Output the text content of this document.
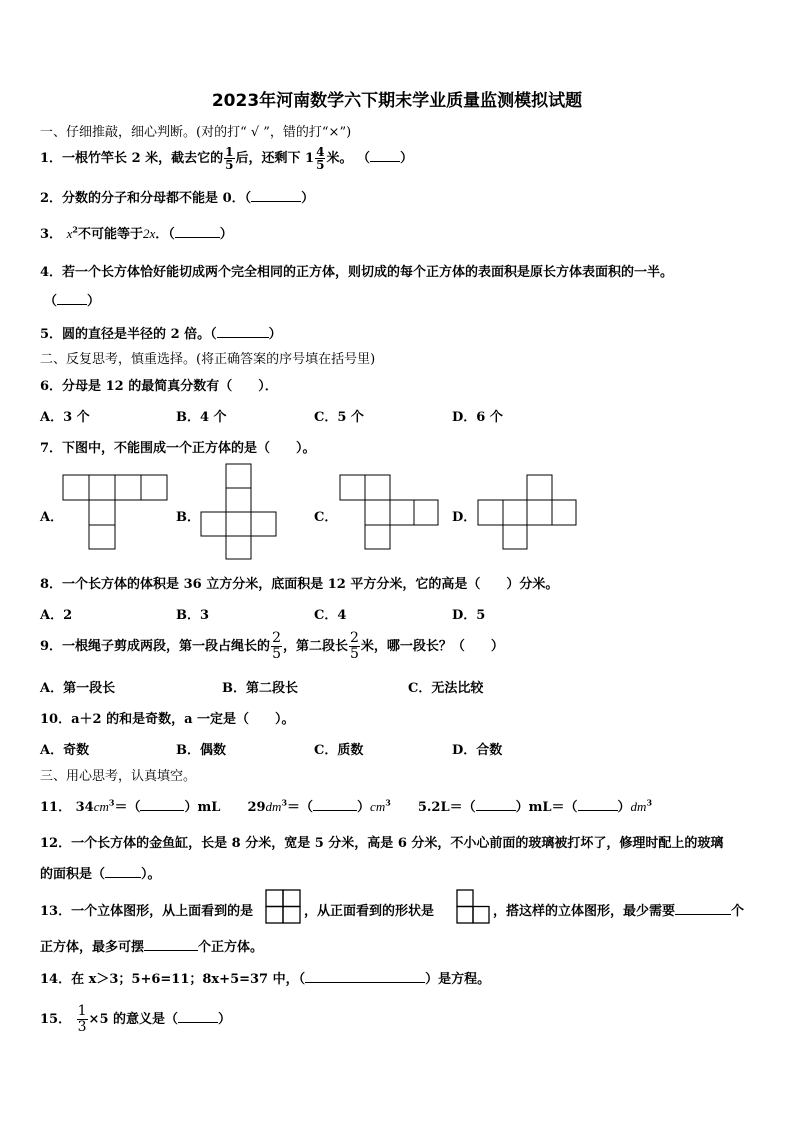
2023年河南数学六下期末学业质量监测模拟试题
一、仔细推敲，细心判断。(对的打“ √ ”，错的打“×”)
1．一根竹竿长 2 米，截去它的 $\frac{1}{5}$ 后，还剩下 $1 \frac{4}{5}$ 米。 （ ）
2．分数的分子和分母都不能是 0．（	）
3． $x^2$不可能等于2x．（	）
4．若一个长方体恰好能切成两个完全相同的正方体，则切成的每个正方体的表面积是原长方体表面积的一半。
（ ）
5．圆的直径是半径的 2 倍。（	）
二、反复思考，慎重选择。(将正确答案的序号填在括号里)
6．分母是 12 的最简真分数有（　　）．
A．3 个	B．4 个	C．5 个	D．6 个
7．下图中，不能围成一个正方体的是（　　）。
A．	B．	C．	D．
8．一个长方体的体积是 36 立方分米，底面积是 12 平方分米，它的高是（　　）分米。
A．2	B．3	C．4	D．5
9．一根绳子剪成两段，第一段占绳长的 $\frac{2}{5}$ ，第二段长 $\frac{2}{5}$ 米，哪一段长？（　　）
A．第一段长	B．第二段长	C．无法比较
10．a＋2 的和是奇数，a 一定是（　　）。
A．奇数	B．偶数	C．质数	D．合数
三、用心思考，认真填空。
11． $34cm^3=$（	）mL $29dm^3=$（	）$cm^3$ 5.2L＝（	）mL＝（	）$dm^3$
12．一个长方体的金鱼缸，长是 8 分米，宽是 5 分米，高是 6 分米，不小心前面的玻璃被打坏了，修理时配上的玻璃
的面积是（	）。
13．一个立体图形，从上面看到的是	，从正面看到的形状是	，搭这样的立体图形，最少需要	个
正方体，最多可摆	个正方体。
14．在 x＞3；5+6=11；8x+5=37 中，（	）是方程。
15． $\frac{1}{3} \times 5$ 的意义是（	）
